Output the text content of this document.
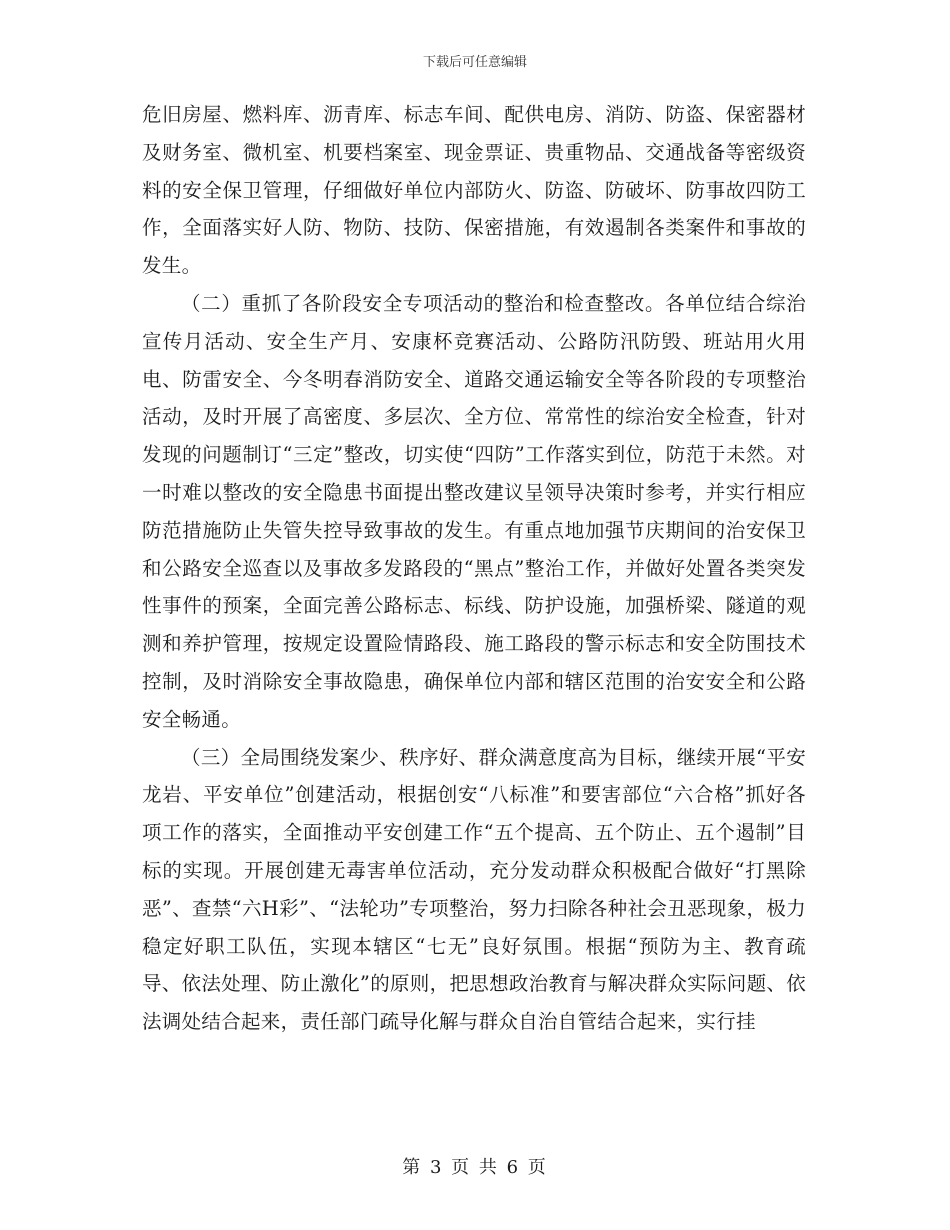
下载后可任意编辑

危旧房屋、燃料库、沥青库、标志车间、配供电房、消防、防盗、保密器材及财务室、微机室、机要档案室、现金票证、贵重物品、交通战备等密级资料的安全保卫管理，仔细做好单位内部防火、防盗、防破坏、防事故四防工作，全面落实好人防、物防、技防、保密措施，有效遏制各类案件和事故的发生。

（二）重抓了各阶段安全专项活动的整治和检查整改。各单位结合综治宣传月活动、安全生产月、安康杯竞赛活动、公路防汛防毁、班站用火用电、防雷安全、今冬明春消防安全、道路交通运输安全等各阶段的专项整治活动，及时开展了高密度、多层次、全方位、常常性的综治安全检查，针对发现的问题制订“三定”整改，切实使“四防”工作落实到位，防范于未然。对一时难以整改的安全隐患书面提出整改建议呈领导决策时参考，并实行相应防范措施防止失管失控导致事故的发生。有重点地加强节庆期间的治安保卫和公路安全巡查以及事故多发路段的“黑点”整治工作，并做好处置各类突发性事件的预案，全面完善公路标志、标线、防护设施，加强桥梁、隧道的观测和养护管理，按规定设置险情路段、施工路段的警示标志和安全防围技术控制，及时消除安全事故隐患，确保单位内部和辖区范围的治安安全和公路安全畅通。

（三）全局围绕发案少、秩序好、群众满意度高为目标，继续开展“平安龙岩、平安单位”创建活动，根据创安“八标准”和要害部位“六合格”抓好各项工作的落实，全面推动平安创建工作“五个提高、五个防止、五个遏制”目标的实现。开展创建无毒害单位活动，充分发动群众积极配合做好“打黑除恶”、查禁“六H彩”、“法轮功”专项整治，努力扫除各种社会丑恶现象，极力稳定好职工队伍，实现本辖区“七无”良好氛围。根据“预防为主、教育疏导、依法处理、防止激化”的原则，把思想政治教育与解决群众实际问题、依法调处结合起来，责任部门疏导化解与群众自治自管结合起来，实行挂

第 3 页 共 6 页
